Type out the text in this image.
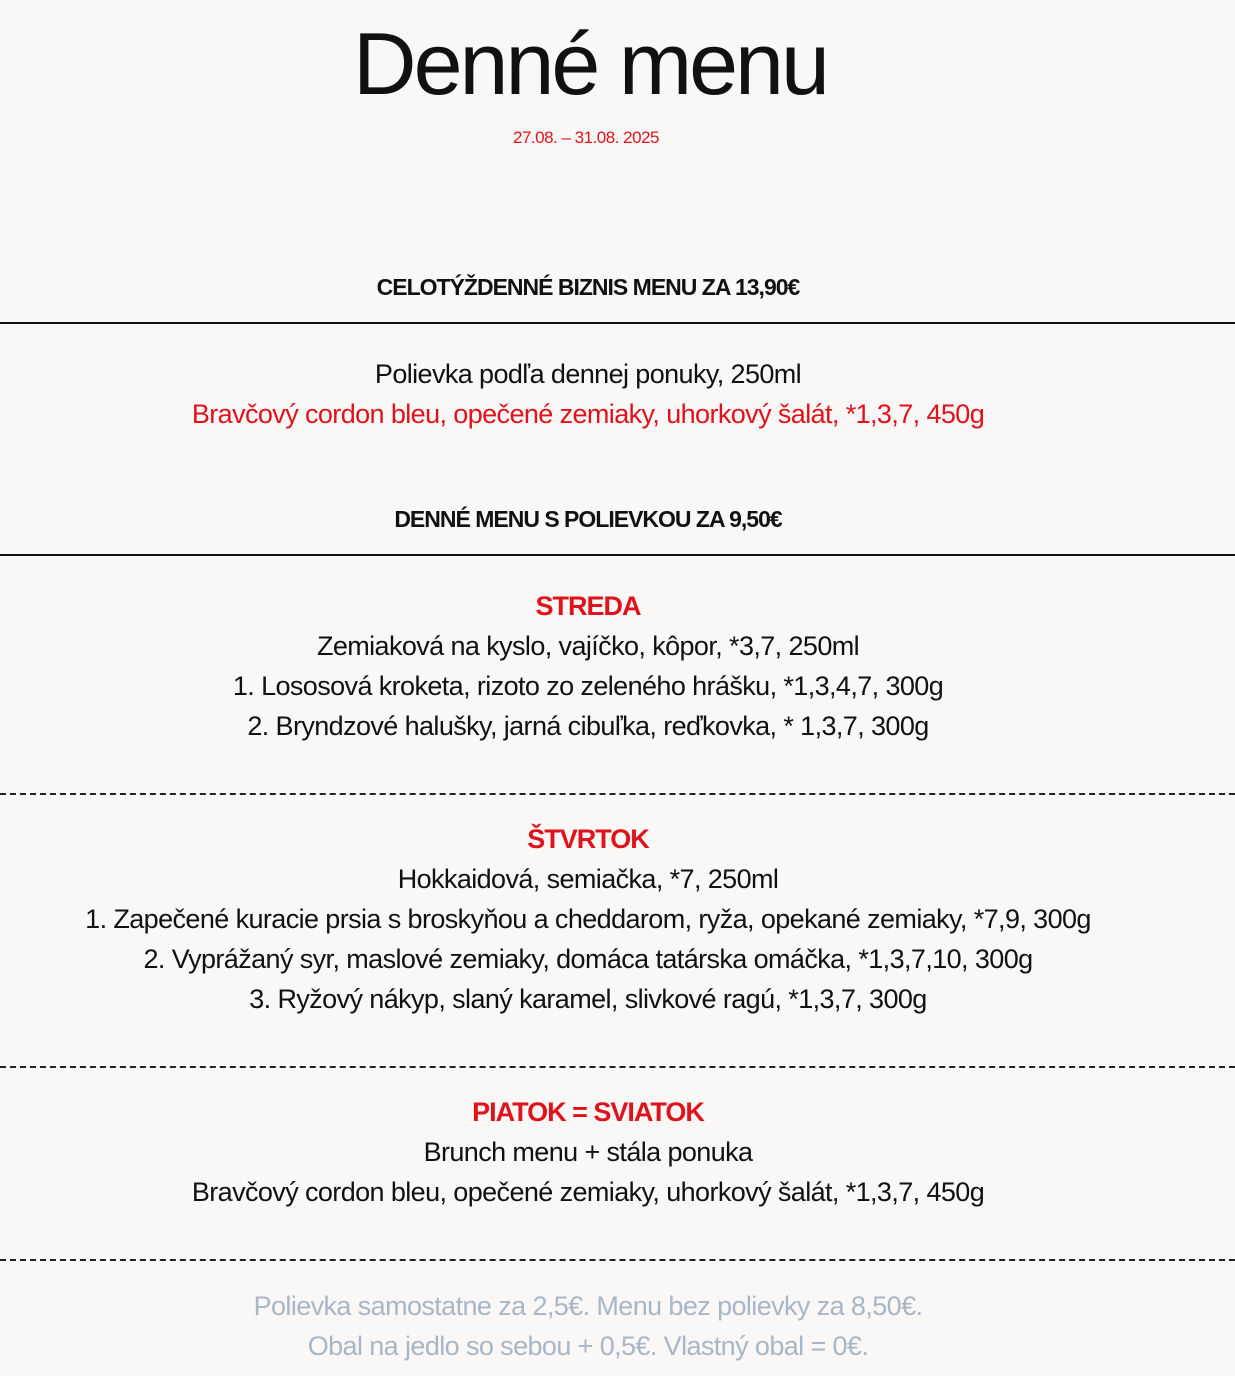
Denné menu
27.08. – 31.08. 2025
CELOTÝŽDENNÉ BIZNIS MENU ZA 13,90€
Polievka podľa dennej ponuky, 250ml
Bravčový cordon bleu, opečené zemiaky, uhorkový šalát, *1,3,7, 450g
DENNÉ MENU S POLIEVKOU ZA 9,50€
STREDA
Zemiaková na kyslo, vajíčko, kôpor, *3,7, 250ml
1. Lososová kroketa, rizoto zo zeleného hrášku, *1,3,4,7, 300g
2. Bryndzové halušky, jarná cibuľka, reďkovka, * 1,3,7, 300g
ŠTVRTOK
Hokkaidová, semiačka, *7, 250ml
1. Zapečené kuracie prsia s broskyňou a cheddarom, ryža, opekané zemiaky, *7,9, 300g
2. Vyprážaný syr, maslové zemiaky, domáca tatárska omáčka, *1,3,7,10, 300g
3. Ryžový nákyp, slaný karamel, slivkové ragú, *1,3,7, 300g
PIATOK = SVIATOK
Brunch menu + stála ponuka
Bravčový cordon bleu, opečené zemiaky, uhorkový šalát, *1,3,7, 450g
Polievka samostatne za 2,5€. Menu bez polievky za 8,50€.
Obal na jedlo so sebou + 0,5€. Vlastný obal = 0€.
